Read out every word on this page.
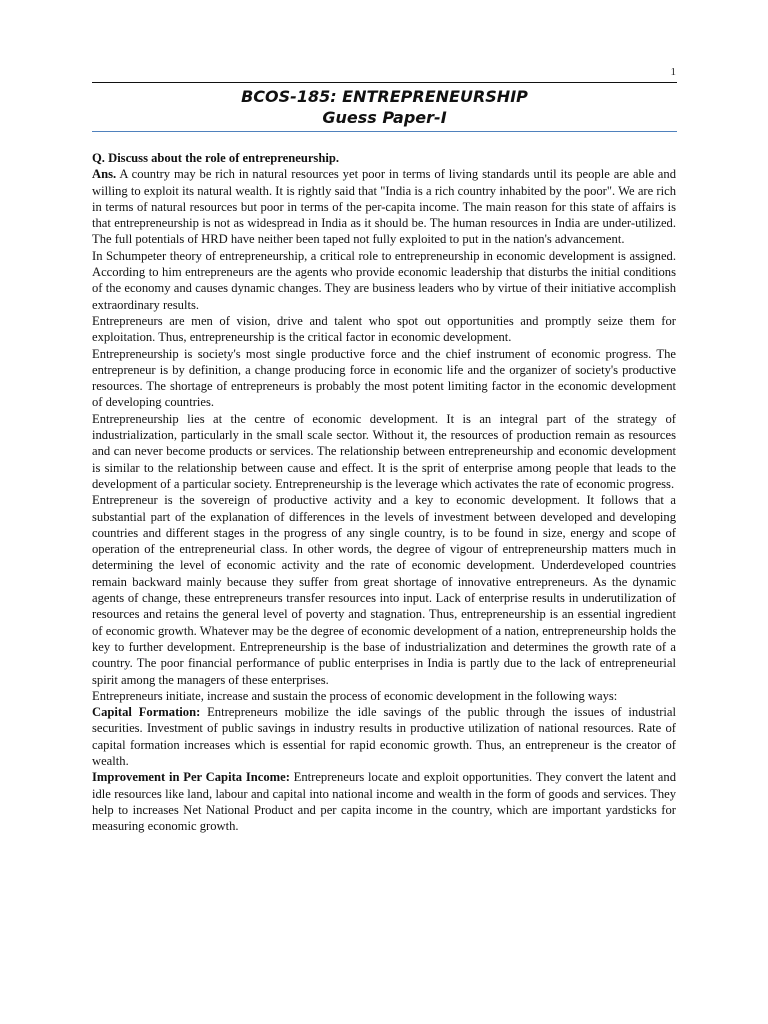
1
BCOS-185: ENTREPRENEURSHIP
Guess Paper-I

Q. Discuss about the role of entrepreneurship.

Ans. A country may be rich in natural resources yet poor in terms of living standards until its people are able and willing to exploit its natural wealth. It is rightly said that "India is a rich country inhabited by the poor". We are rich in terms of natural resources but poor in terms of the per-capita income. The main reason for this state of affairs is that entrepreneurship is not as widespread in India as it should be. The human resources in India are under-utilized. The full potentials of HRD have neither been taped not fully exploited to put in the nation's advancement.

In Schumpeter theory of entrepreneurship, a critical role to entrepreneurship in economic development is assigned. According to him entrepreneurs are the agents who provide economic leadership that disturbs the initial conditions of the economy and causes dynamic changes. They are business leaders who by virtue of their initiative accomplish extraordinary results.

Entrepreneurs are men of vision, drive and talent who spot out opportunities and promptly seize them for exploitation. Thus, entrepreneurship is the critical factor in economic development.

Entrepreneurship is society's most single productive force and the chief instrument of economic progress. The entrepreneur is by definition, a change producing force in economic life and the organizer of society's productive resources. The shortage of entrepreneurs is probably the most potent limiting factor in the economic development of developing countries.

Entrepreneurship lies at the centre of economic development. It is an integral part of the strategy of industrialization, particularly in the small scale sector. Without it, the resources of production remain as resources and can never become products or services. The relationship between entrepreneurship and economic development is similar to the relationship between cause and effect. It is the sprit of enterprise among people that leads to the development of a particular society. Entrepreneurship is the leverage which activates the rate of economic progress.

Entrepreneur is the sovereign of productive activity and a key to economic development. It follows that a substantial part of the explanation of differences in the levels of investment between developed and developing countries and different stages in the progress of any single country, is to be found in size, energy and scope of operation of the entrepreneurial class. In other words, the degree of vigour of entrepreneurship matters much in determining the level of economic activity and the rate of economic development. Underdeveloped countries remain backward mainly because they suffer from great shortage of innovative entrepreneurs. As the dynamic agents of change, these entrepreneurs transfer resources into input. Lack of enterprise results in underutilization of resources and retains the general level of poverty and stagnation. Thus, entrepreneurship is an essential ingredient of economic growth. Whatever may be the degree of economic development of a nation, entrepreneurship holds the key to further development. Entrepreneurship is the base of industrialization and determines the growth rate of a country. The poor financial performance of public enterprises in India is partly due to the lack of entrepreneurial spirit among the managers of these enterprises.

Entrepreneurs initiate, increase and sustain the process of economic development in the following ways:

Capital Formation: Entrepreneurs mobilize the idle savings of the public through the issues of industrial securities. Investment of public savings in industry results in productive utilization of national resources. Rate of capital formation increases which is essential for rapid economic growth. Thus, an entrepreneur is the creator of wealth.

Improvement in Per Capita Income: Entrepreneurs locate and exploit opportunities. They convert the latent and idle resources like land, labour and capital into national income and wealth in the form of goods and services. They help to increases Net National Product and per capita income in the country, which are important yardsticks for measuring economic growth.
